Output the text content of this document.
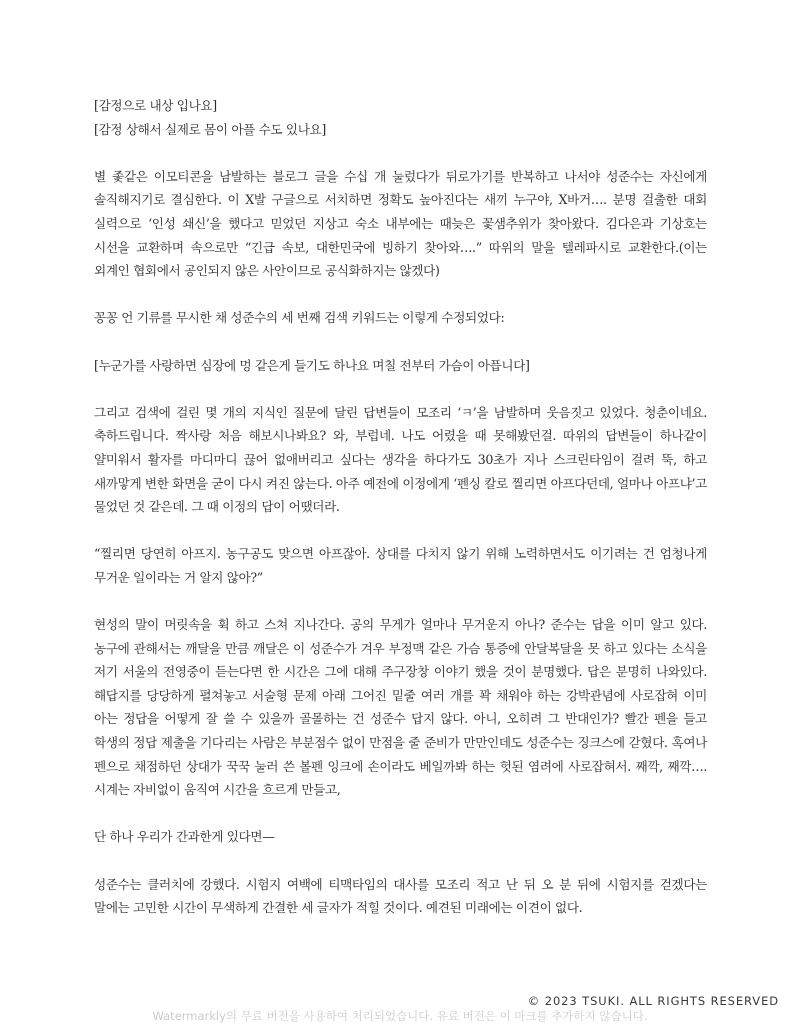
[감정으로 내상 입나요]

[감정 상해서 실제로 몸이 아플 수도 있나요]

별 좇같은 이모티콘을 남발하는 블로그 글을 수십 개 눌렀다가 뒤로가기를 반복하고 나서야 성준수는 자신에게 솔직해지기로 결심한다. 이 X발 구글으로 서치하면 정확도 높아진다는 새끼 누구야, X바거…. 분명 걸출한 대회 실력으로 ‘인성 쇄신’을 했다고 믿었던 지상고 숙소 내부에는 때늦은 꽃샘추위가 찾아왔다. 김다은과 기상호는 시선을 교환하며 속으로만 “긴급 속보, 대한민국에 빙하기 찾아와….” 따위의 말을 텔레파시로 교환한다.(이는 외계인 협회에서 공인되지 않은 사안이므로 공식화하지는 않겠다)

꽁꽁 언 기류를 무시한 채 성준수의 세 번째 검색 키워드는 이렇게 수정되었다:

[누군가를 사랑하면 심장에 멍 같은게 들기도 하나요 며칠 전부터 가슴이 아픕니다]

그리고 검색에 걸린 몇 개의 지식인 질문에 달린 답변들이 모조리 ‘ㅋ’을 남발하며 웃음짓고 있었다. 청춘이네요. 축하드립니다. 짝사랑 처음 해보시나봐요? 와, 부럽네. 나도 어렸을 때 못해봤던걸. 따위의 답변들이 하나같이 얄미워서 활자를 마디마디 끊어 없애버리고 싶다는 생각을 하다가도 30초가 지나 스크린타임이 걸려 뚝, 하고 새까맣게 변한 화면을 굳이 다시 켜진 않는다. 아주 예전에 이정에게 ‘펜싱 칼로 찔리면 아프다던데, 얼마나 아프냐’고 물었던 것 같은데. 그 때 이정의 답이 어땠더라.

“찔리면 당연히 아프지. 농구공도 맞으면 아프잖아. 상대를 다치지 않기 위해 노력하면서도 이기려는 건 엄청나게 무거운 일이라는 거 알지 않아?”

현성의 말이 머릿속을 휙 하고 스쳐 지나간다. 공의 무게가 얼마나 무거운지 아나? 준수는 답을 이미 알고 있다. 농구에 관해서는 깨달을 만큼 깨달은 이 성준수가 겨우 부정맥 같은 가슴 통증에 안달복달을 못 하고 있다는 소식을 저기 서울의 전영중이 듣는다면 한 시간은 그에 대해 주구장창 이야기 했을 것이 분명했다. 답은 분명히 나와있다. 해답지를 당당하게 펼쳐놓고 서술형 문제 아래 그어진 밑줄 여러 개를 꽉 채워야 하는 강박관념에 사로잡혀 이미 아는 정답을 어떻게 잘 쓸 수 있을까 골몰하는 건 성준수 답지 않다. 아니, 오히려 그 반대인가? 빨간 펜을 들고 학생의 정답 제출을 기다리는 사람은 부분점수 없이 만점을 줄 준비가 만만인데도 성준수는 징크스에 갇혔다. 혹여나 펜으로 채점하던 상대가 꾹꾹 눌러 쓴 볼펜 잉크에 손이라도 베일까봐 하는 헛된 염려에 사로잡혀서. 째깍, 째깍…. 시계는 자비없이 움직여 시간을 흐르게 만들고,

단 하나 우리가 간과한게 있다면—

성준수는 클러치에 강했다. 시험지 여백에 티맥타임의 대사를 모조리 적고 난 뒤 오 분 뒤에 시험지를 걷겠다는 말에는 고민한 시간이 무색하게 간결한 세 글자가 적힐 것이다. 예견된 미래에는 이견이 없다.

© 2023 TSUKI. ALL RIGHTS RESERVED

Watermarkly의 무료 버전을 사용하여 처리되었습니다. 유료 버전은 이 마크를 추가하지 않습니다.
